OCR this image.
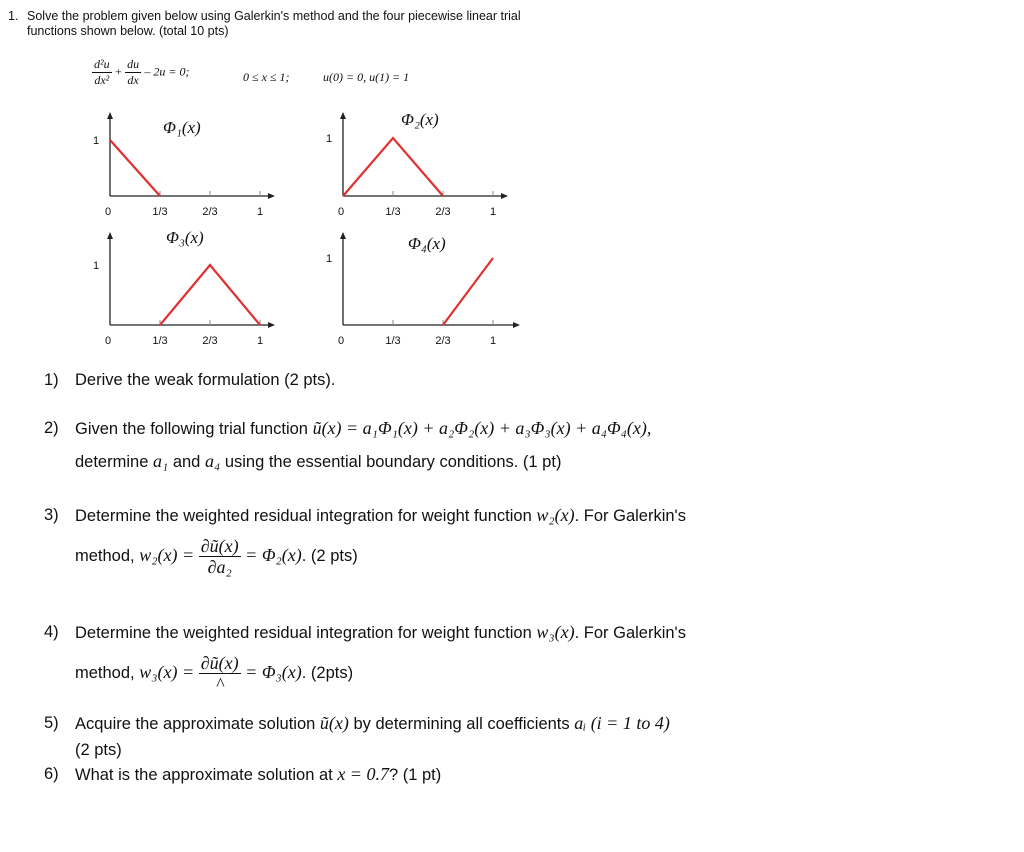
1. Solve the problem given below using Galerkin's method and the four piecewise linear trial
functions shown below. (total 10 pts)
$\frac{\text{d²u}}{\text{dx²}} + \frac{du}{dx} - 2u = 0$;	0 ≤ x ≤ 1;	u(0) = 0, u(1) = 1
0	1/3	2/3	1
1
0	1/3	2/3	1
1
0	1/3	2/3	1
1
0	1/3	2/3	1
1
Φ₁(x)	Φ₂(x)
Φ₃(x)	Φ₄(x)
1) Derive the weak formulation (2 pts).
2) Given the following trial function ũ(x) = a₁Φ₁(x) + a₂Φ₂(x) + a₃Φ₃(x) + a₄Φ₄(x),
determine a₁ and a₄ using the essential boundary conditions. (1 pt)
3) Determine the weighted residual integration for weight function w₂(x). For Galerkin's
method, $w_2(x) = \frac{\partial ũ(x)}{\text{∂a₂}} = \Phi_2(x)$. (2 pts)
4) Determine the weighted residual integration for weight function w₃(x). For Galerkin's
method, $w_3(x) = \frac{\partial ũ(x)}{\^{}} = \Phi_3(x)$. (2pts)
5) Acquire the approximate solution ũ(x) by determining all coefficients aᵢ (i = 1 to 4)
(2 pts)
6) What is the approximate solution at x = 0.7? (1 pt)
